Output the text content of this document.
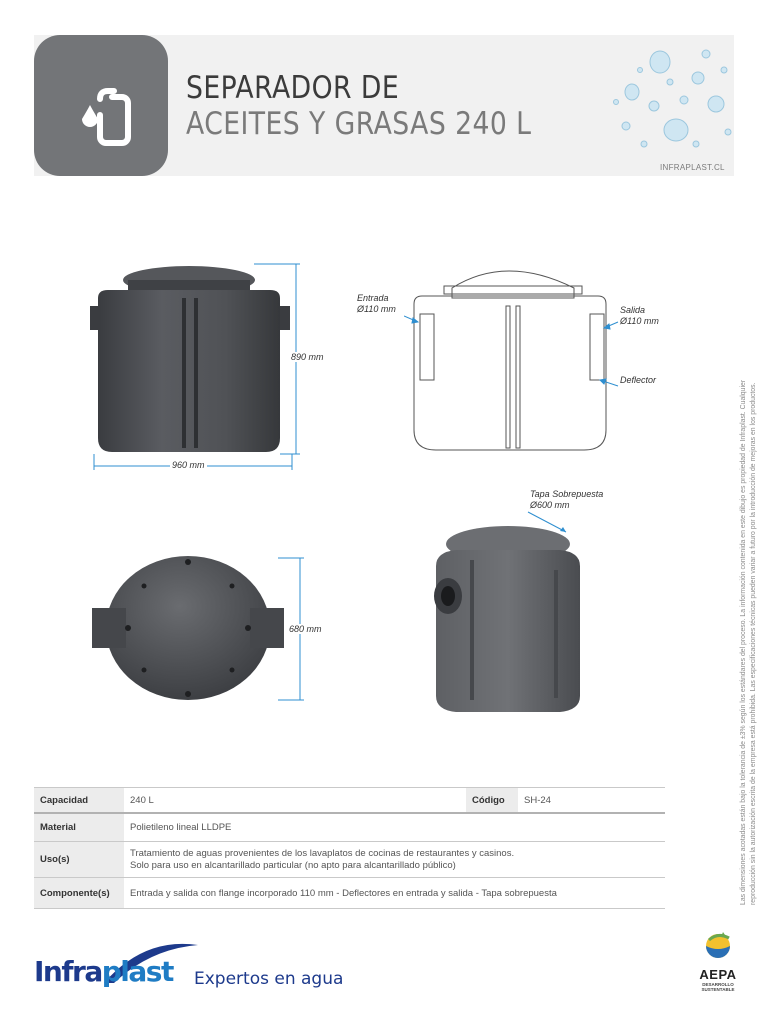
SEPARADOR DE
ACEITES Y GRASAS 240 L
INFRAPLAST.CL
Las dimensiones acotadas están bajo la tolerancia de ±3% según los estándares del proceso. La información contenida en este dibujo es propiedad de Infraplast. Cualquier reproducción sin la autorización escrita de la empresa está prohibida. Las especificaciones técnicas pueden variar a futuro por la introducción de mejoras en los productos.
890 mm
960 mm
Entrada
Ø110 mm	Salida
Ø110 mm
Deflector
680 mm
Tapa Sobrepuesta
Ø600 mm
Capacidad	240 L	Código	SH-24
Material	Polietileno lineal LLDPE		
Uso(s)	Tratamiento de aguas provenientes de los lavaplatos de cocinas de restaurantes y casinos.
Solo para uso en alcantarillado particular (no apto para alcantarillado público)		

Componente(s)	Entrada y salida con flange incorporado 110 mm - Deflectores en entrada y salida - Tapa sobrepuesta		
Infraplast Expertos en agua	AEPA
DESARROLLO
SUSTENTABLE
